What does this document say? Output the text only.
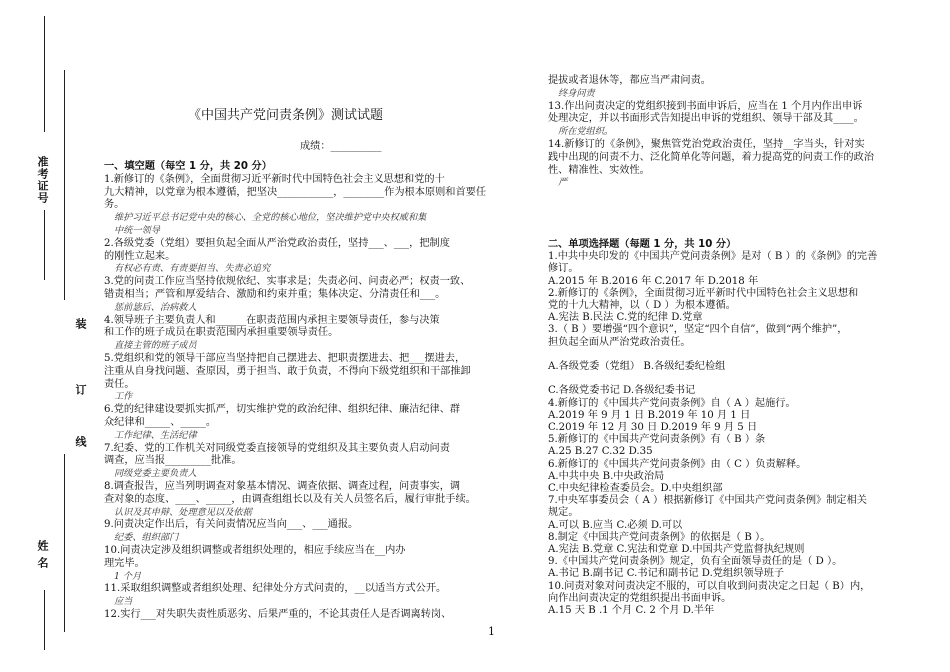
准考证号
装
订
线
姓 名
《中国共产党问责条例》测试试题
成绩：__________
一、填空题（每空 1 分，共 20 分）
1.新修订的《条例》，全面贯彻习近平新时代中国特色社会主义思想和党的十
九大精神，以党章为根本遵循，把坚决___________，________作为根本原则和首要任
务。
维护习近平总书记党中央的核心、全党的核心地位，坚决维护党中央权威和集
中统一领导
2.各级党委（党组）要担负起全面从严治党政治责任，坚持___、___，把制度
的刚性立起来。
有权必有责、有责要担当、失责必追究
3.党的问责工作应当坚持依规依纪、实事求是；失责必问、问责必严；权责一致、
错责相当；严管和厚爱结合、激励和约束并重；集体决定、分清责任和___。
惩前毖后、治病救人
4.领导班子主要负责人和______在职责范围内承担主要领导责任，参与决策
和工作的班子成员在职责范围内承担重要领导责任。
直接主管的班子成员
5.党组织和党的领导干部应当坚持把自己摆进去、把职责摆进去、把___摆进去，
注重从自身找问题、查原因，勇于担当、敢于负责，不得向下级党组织和干部推卸
责任。
工作
6.党的纪律建设要抓实抓严，切实维护党的政治纪律、组织纪律、廉洁纪律、群
众纪律和_____、_____。
工作纪律、生活纪律
7.纪委、党的工作机关对同级党委直接领导的党组织及其主要负责人启动问责
调查，应当报_________批准。
同级党委主要负责人
8.调查报告，应当列明调查对象基本情况、调查依据、调查过程，问责事实，调
查对象的态度、____、_____，由调查组组长以及有关人员签名后，履行审批手续。
认识及其申辩、处理意见以及依据
9.问责决定作出后，有关问责情况应当向___、___通报。
纪委、组织部门
10.问责决定涉及组织调整或者组织处理的，相应手续应当在__内办
理完毕。
1 个月
11.采取组织调整或者组织处理、纪律处分方式问责的，__以适当方式公开。
应当
12.实行___对失职失责性质恶劣、后果严重的，不论其责任人是否调离转岗、
提拔或者退休等，都应当严肃问责。
终身问责
13.作出问责决定的党组织接到书面申诉后，应当在 1 个月内作出申诉
处理决定，并以书面形式告知提出申诉的党组织、领导干部及其____。
所在党组织。
14.新修订的《条例》，聚焦管党治党政治责任，坚持__字当头，针对实
践中出现的问责不力、泛化简单化等问题，着力提高党的问责工作的政治
性、精准性、实效性。
严
二、单项选择题（每题 1 分，共 10 分）
1.中共中央印发的《中国共产党问责条例》是对（ B ）的《条例》的完善
修订。
A.2015 年 B.2016 年 C.2017 年 D.2018 年
2.新修订的《条例》，全面贯彻习近平新时代中国特色社会主义思想和
党的十九大精神，以（ D ）为根本遵循。
A.宪法 B.民法 C.党的纪律 D.党章
3.（ B ）要增强“四个意识”，坚定“四个自信”，做到“两个维护”，
担负起全面从严治党政治责任。
A.各级党委（党组） B.各级纪委纪检组
C.各级党委书记 D.各级纪委书记
4.新修订的《中国共产党问责条例》自（ A ）起施行。
A.2019 年 9 月 1 日 B.2019 年 10 月 1 日
C.2019 年 12 月 30 日 D.2019 年 9 月 5 日
5.新修订的《中国共产党问责条例》有（ B ）条
A.25 B.27 C.32 D.35
6.新修订的《中国共产党问责条例》由（ C ）负责解释。
A.中共中央 B.中央政治局
C.中央纪律检查委员会。D.中央组织部
7.中央军事委员会（ A ）根据新修订《中国共产党问责条例》制定相关
规定。
A.可以 B.应当 C.必须 D.可以
8.制定《中国共产党问责条例》的依据是（ B ）。
A.宪法 B.党章 C.宪法和党章 D.中国共产党监督执纪规则
9.《中国共产党问责条例》规定，负有全面领导责任的是（ D ）。
A.书记 B.副书记 C.书记和副书记 D.党组织领导班子
10.问责对象对问责决定不服的，可以自收到问责决定之日起（ B）内，
向作出问责决定的党组织提出书面申诉。
A.15 天 B .1 个月 C. 2 个月 D.半年
1
